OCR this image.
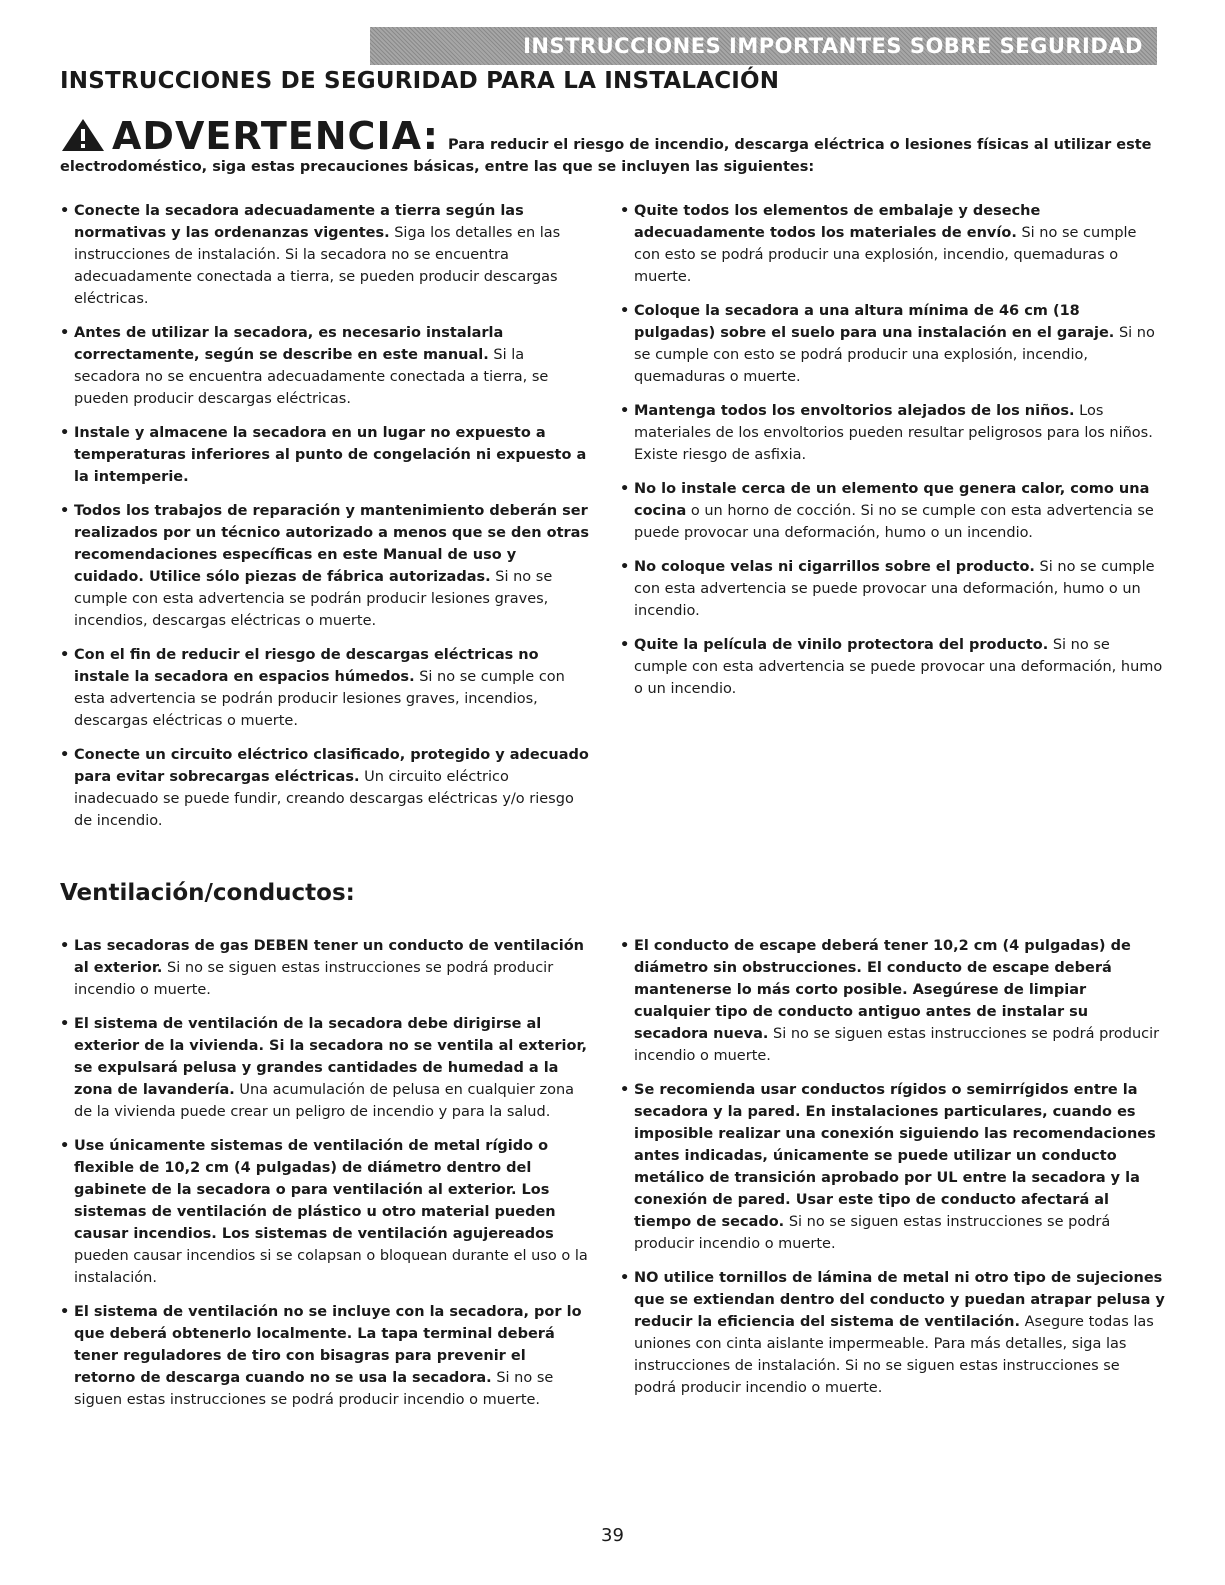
INSTRUCCIONES IMPORTANTES SOBRE SEGURIDAD
INSTRUCCIONES DE SEGURIDAD PARA LA INSTALACIÓN
ADVERTENCIA: Para reducir el riesgo de incendio, descarga eléctrica o lesiones físicas al utilizar este electrodoméstico, siga estas precauciones básicas, entre las que se incluyen las siguientes:
• Conecte la secadora adecuadamente a tierra según las normativas y las ordenanzas vigentes. Siga los detalles en las instrucciones de instalación. Si la secadora no se encuentra adecuadamente conectada a tierra, se pueden producir descargas eléctricas.
• Antes de utilizar la secadora, es necesario instalarla correctamente, según se describe en este manual. Si la secadora no se encuentra adecuadamente conectada a tierra, se pueden producir descargas eléctricas.
• Instale y almacene la secadora en un lugar no expuesto a temperaturas inferiores al punto de congelación ni expuesto a la intemperie.
• Todos los trabajos de reparación y mantenimiento deberán ser realizados por un técnico autorizado a menos que se den otras recomendaciones específicas en este Manual de uso y cuidado. Utilice sólo piezas de fábrica autorizadas. Si no se cumple con esta advertencia se podrán producir lesiones graves, incendios, descargas eléctricas o muerte.
• Con el fin de reducir el riesgo de descargas eléctricas no instale la secadora en espacios húmedos. Si no se cumple con esta advertencia se podrán producir lesiones graves, incendios, descargas eléctricas o muerte.
• Conecte un circuito eléctrico clasificado, protegido y adecuado para evitar sobrecargas eléctricas. Un circuito eléctrico inadecuado se puede fundir, creando descargas eléctricas y/o riesgo de incendio.
• Quite todos los elementos de embalaje y deseche adecuadamente todos los materiales de envío. Si no se cumple con esto se podrá producir una explosión, incendio, quemaduras o muerte.
• Coloque la secadora a una altura mínima de 46 cm (18 pulgadas) sobre el suelo para una instalación en el garaje. Si no se cumple con esto se podrá producir una explosión, incendio, quemaduras o muerte.
• Mantenga todos los envoltorios alejados de los niños. Los materiales de los envoltorios pueden resultar peligrosos para los niños. Existe riesgo de asfixia.
• No lo instale cerca de un elemento que genera calor, como una cocina o un horno de cocción. Si no se cumple con esta advertencia se puede provocar una deformación, humo o un incendio.
• No coloque velas ni cigarrillos sobre el producto. Si no se cumple con esta advertencia se puede provocar una deformación, humo o un incendio.
• Quite la película de vinilo protectora del producto. Si no se cumple con esta advertencia se puede provocar una deformación, humo o un incendio.
Ventilación/conductos:
• Las secadoras de gas DEBEN tener un conducto de ventilación al exterior. Si no se siguen estas instrucciones se podrá producir incendio o muerte.
• El sistema de ventilación de la secadora debe dirigirse al exterior de la vivienda. Si la secadora no se ventila al exterior, se expulsará pelusa y grandes cantidades de humedad a la zona de lavandería. Una acumulación de pelusa en cualquier zona de la vivienda puede crear un peligro de incendio y para la salud.
• Use únicamente sistemas de ventilación de metal rígido o flexible de 10,2 cm (4 pulgadas) de diámetro dentro del gabinete de la secadora o para ventilación al exterior. Los sistemas de ventilación de plástico u otro material pueden causar incendios. Los sistemas de ventilación agujereados pueden causar incendios si se colapsan o bloquean durante el uso o la instalación.
• El sistema de ventilación no se incluye con la secadora, por lo que deberá obtenerlo localmente. La tapa terminal deberá tener reguladores de tiro con bisagras para prevenir el retorno de descarga cuando no se usa la secadora. Si no se siguen estas instrucciones se podrá producir incendio o muerte.
• El conducto de escape deberá tener 10,2 cm (4 pulgadas) de diámetro sin obstrucciones. El conducto de escape deberá mantenerse lo más corto posible. Asegúrese de limpiar cualquier tipo de conducto antiguo antes de instalar su secadora nueva. Si no se siguen estas instrucciones se podrá producir incendio o muerte.
• Se recomienda usar conductos rígidos o semirrígidos entre la secadora y la pared. En instalaciones particulares, cuando es imposible realizar una conexión siguiendo las recomendaciones antes indicadas, únicamente se puede utilizar un conducto metálico de transición aprobado por UL entre la secadora y la conexión de pared. Usar este tipo de conducto afectará al tiempo de secado. Si no se siguen estas instrucciones se podrá producir incendio o muerte.
• NO utilice tornillos de lámina de metal ni otro tipo de sujeciones que se extiendan dentro del conducto y puedan atrapar pelusa y reducir la eficiencia del sistema de ventilación. Asegure todas las uniones con cinta aislante impermeable. Para más detalles, siga las instrucciones de instalación. Si no se siguen estas instrucciones se podrá producir incendio o muerte.
39
